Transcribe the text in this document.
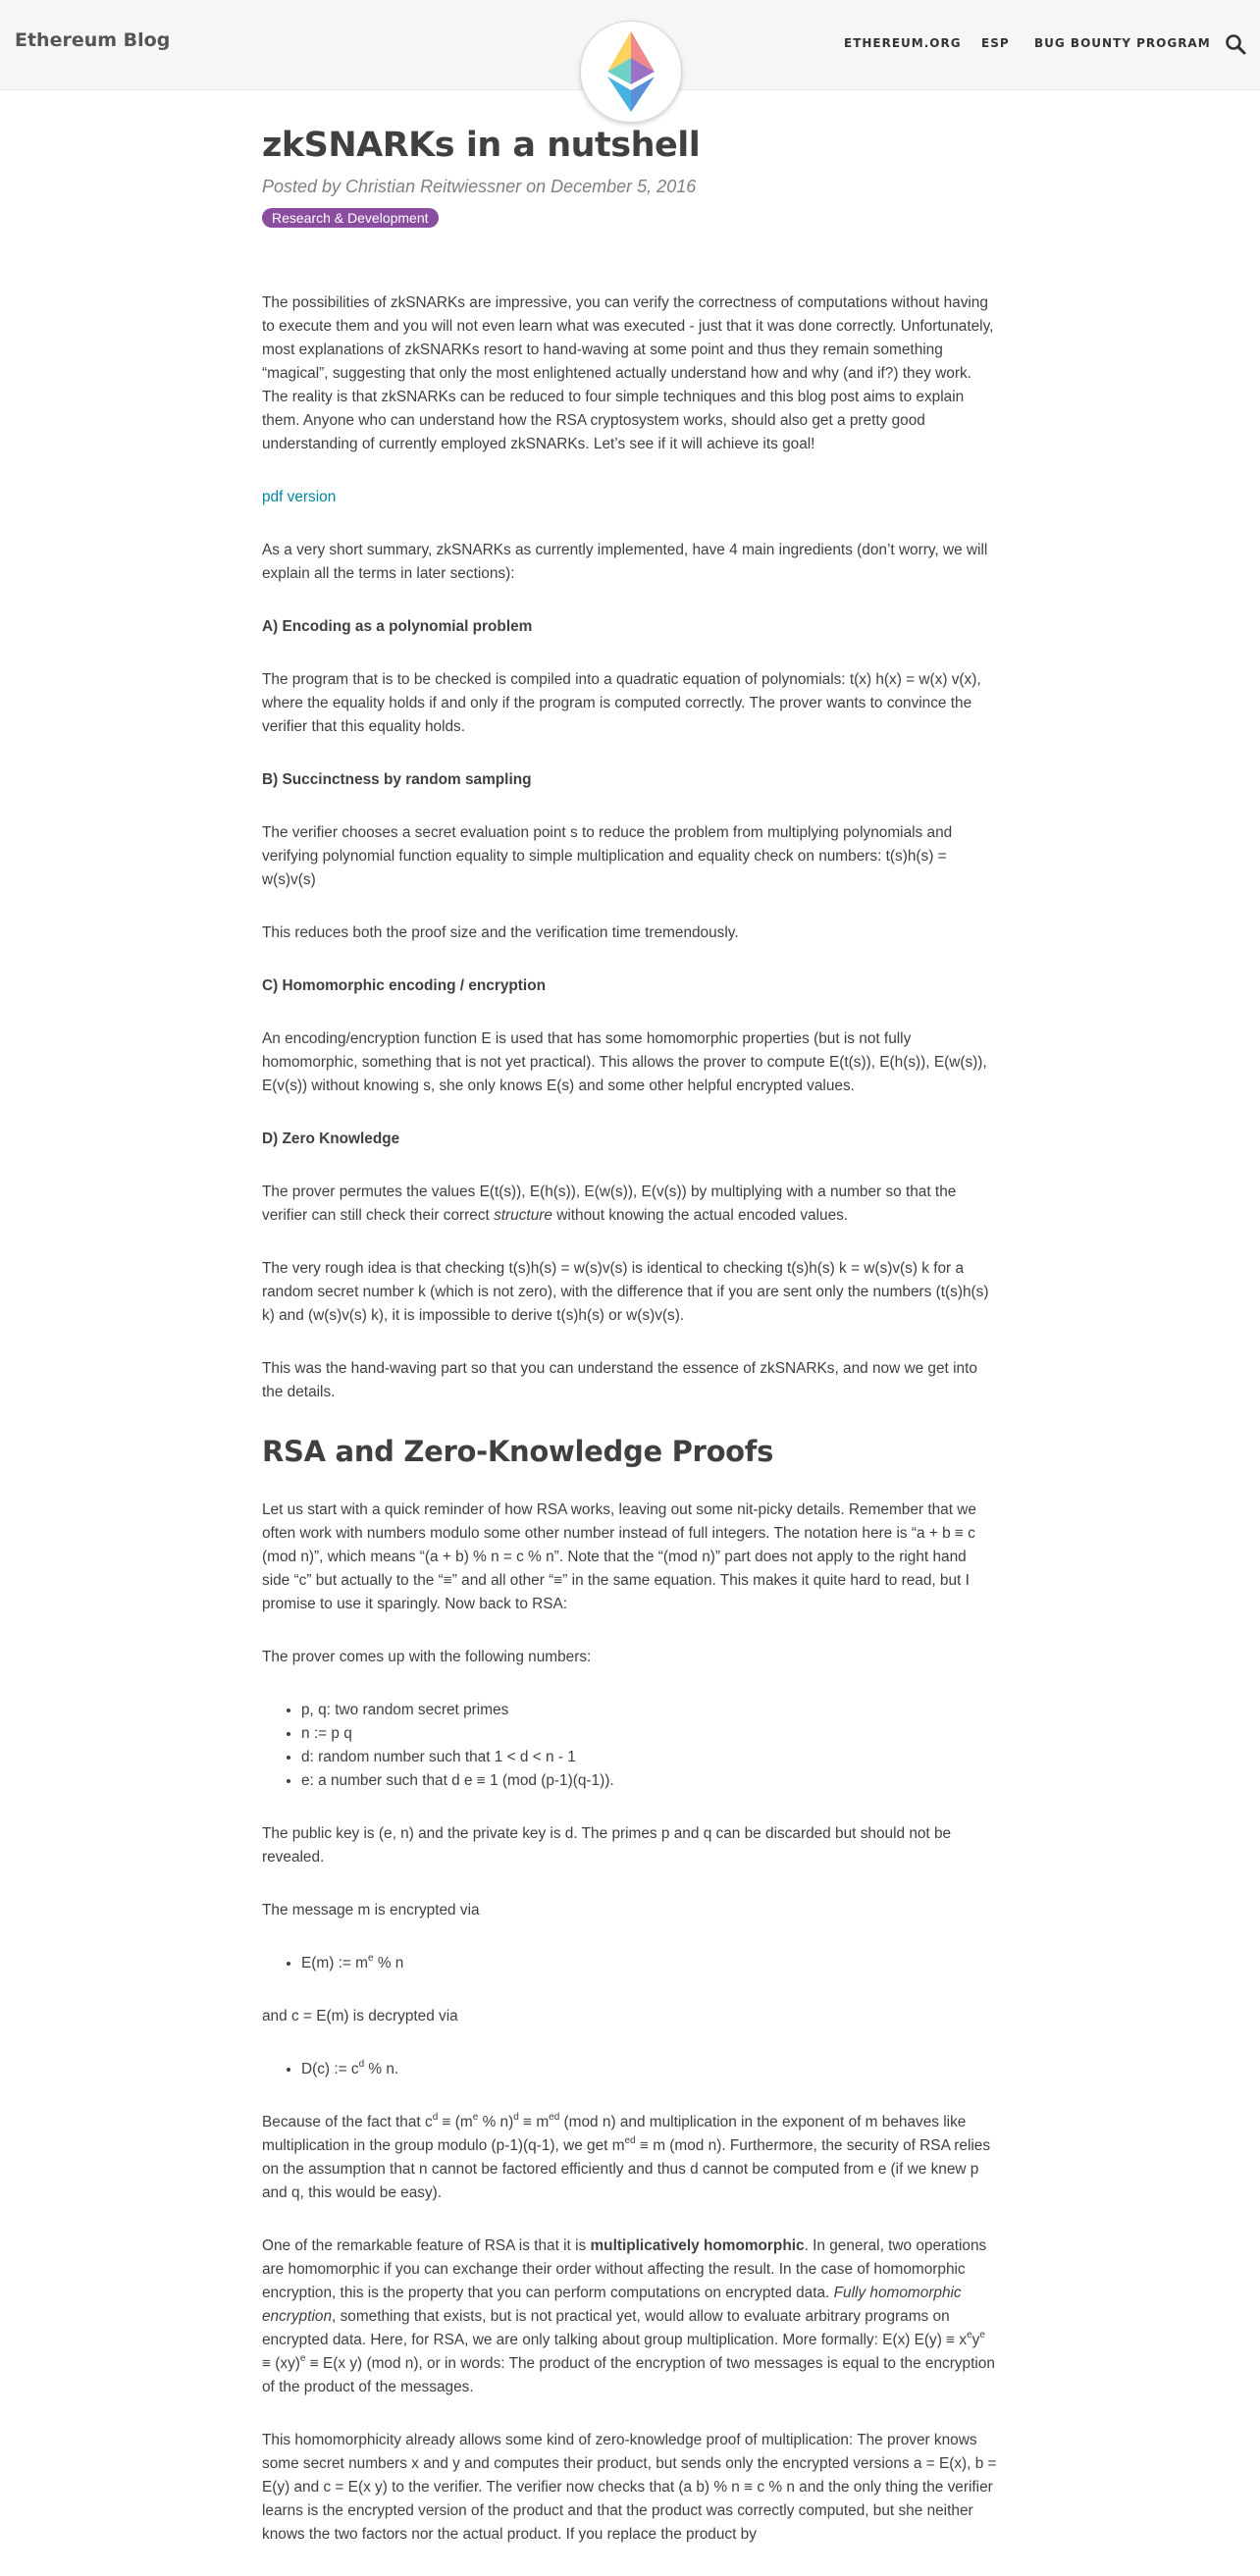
Ethereum Blog	ETHEREUM.ORG ESP BUG BOUNTY PROGRAM
zkSNARKs in a nutshell
Posted by Christian Reitwiessner on December 5, 2016
Research & Development

The possibilities of zkSNARKs are impressive, you can verify the correctness of computations without having to execute them and you will not even learn what was executed - just that it was done correctly. Unfortunately, most explanations of zkSNARKs resort to hand-waving at some point and thus they remain something “magical”, suggesting that only the most enlightened actually understand how and why (and if?) they work. The reality is that zkSNARKs can be reduced to four simple techniques and this blog post aims to explain them. Anyone who can understand how the RSA cryptosystem works, should also get a pretty good understanding of currently employed zkSNARKs. Let’s see if it will achieve its goal!

pdf version

As a very short summary, zkSNARKs as currently implemented, have 4 main ingredients (don’t worry, we will explain all the terms in later sections):

A) Encoding as a polynomial problem

The program that is to be checked is compiled into a quadratic equation of polynomials: t(x) h(x) = w(x) v(x), where the equality holds if and only if the program is computed correctly. The prover wants to convince the verifier that this equality holds.

B) Succinctness by random sampling

The verifier chooses a secret evaluation point s to reduce the problem from multiplying polynomials and verifying polynomial function equality to simple multiplication and equality check on numbers: t(s)h(s) = w(s)v(s)

This reduces both the proof size and the verification time tremendously.

C) Homomorphic encoding / encryption

An encoding/encryption function E is used that has some homomorphic properties (but is not fully homomorphic, something that is not yet practical). This allows the prover to compute E(t(s)), E(h(s)), E(w(s)), E(v(s)) without knowing s, she only knows E(s) and some other helpful encrypted values.

D) Zero Knowledge

The prover permutes the values E(t(s)), E(h(s)), E(w(s)), E(v(s)) by multiplying with a number so that the verifier can still check their correct structure without knowing the actual encoded values.

The very rough idea is that checking t(s)h(s) = w(s)v(s) is identical to checking t(s)h(s) k = w(s)v(s) k for a random secret number k (which is not zero), with the difference that if you are sent only the numbers (t(s)h(s) k) and (w(s)v(s) k), it is impossible to derive t(s)h(s) or w(s)v(s).

This was the hand-waving part so that you can understand the essence of zkSNARKs, and now we get into the details.

RSA and Zero-Knowledge Proofs

Let us start with a quick reminder of how RSA works, leaving out some nit-picky details. Remember that we often work with numbers modulo some other number instead of full integers. The notation here is “a + b ≡ c (mod n)”, which means “(a + b) % n = c % n”. Note that the “(mod n)” part does not apply to the right hand side “c” but actually to the “≡” and all other “≡” in the same equation. This makes it quite hard to read, but I promise to use it sparingly. Now back to RSA:

The prover comes up with the following numbers:

• p, q: two random secret primes
• n := p q
• d: random number such that 1 < d < n - 1
• e: a number such that d e ≡ 1 (mod (p-1)(q-1)).

The public key is (e, n) and the private key is d. The primes p and q can be discarded but should not be revealed.

The message m is encrypted via

• E(m) := $m^e$ % n

and c = E(m) is decrypted via

• D(c) := $c^d$ % n.

Because of the fact that $c^d \equiv (m^e$ % $n)^d \equiv m^{ed}$ (mod n) and multiplication in the exponent of m behaves like multiplication in the group modulo (p-1)(q-1), we get $m^{ed} \equiv m$ (mod n). Furthermore, the security of RSA relies on the assumption that n cannot be factored efficiently and thus d cannot be computed from e (if we knew p and q, this would be easy).

One of the remarkable feature of RSA is that it is multiplicatively homomorphic. In general, two operations are homomorphic if you can exchange their order without affecting the result. In the case of homomorphic encryption, this is the property that you can perform computations on encrypted data. Fully homomorphic encryption, something that exists, but is not practical yet, would allow to evaluate arbitrary programs on encrypted data. Here, for RSA, we are only talking about group multiplication. More formally: E(x) $E(y) \equiv x^ey^e \equiv (xy)^e \equiv E(x$ y) (mod n), or in words: The product of the encryption of two messages is equal to the encryption of the product of the messages.

This homomorphicity already allows some kind of zero-knowledge proof of multiplication: The prover knows some secret numbers x and y and computes their product, but sends only the encrypted versions a = E(x), b = E(y) and c = E(x y) to the verifier. The verifier now checks that (a b) % n ≡ c % n and the only thing the verifier learns is the encrypted version of the product and that the product was correctly computed, but she neither knows the two factors nor the actual product. If you replace the product by
